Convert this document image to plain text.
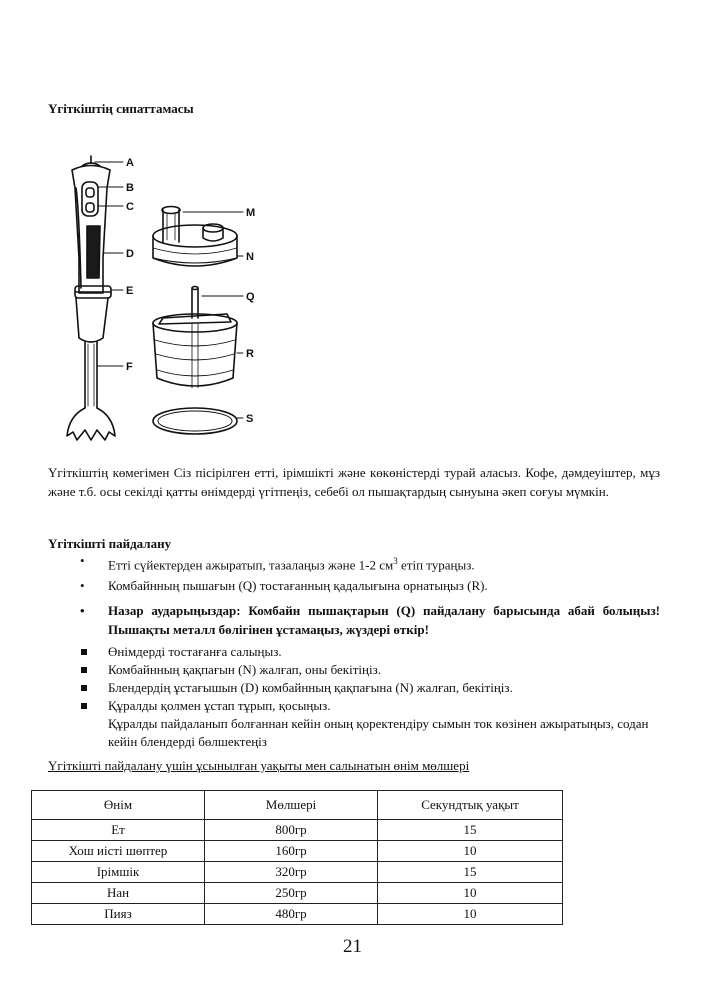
Үгіткіштің сипаттамасы
A
B
C
D
E
F
M
N
Q
R
S

Үгіткіштің көмегімен Сіз пісірілген етті, ірімшікті және көкөністерді турай аласыз. Кофе, дәмдеуіштер, мұз және т.б. осы секілді қатты өнімдерді үгітпеңіз, себебі ол пышақтардың сынуына әкеп соғуы мүмкін.

Үгіткішті пайдалану
• Етті сүйектерден ажыратып, тазалаңыз және 1-2 $см^3$ етіп тураңыз.
• Комбайнның пышағын (Q) тостағанның қадалығына орнатыңыз (R).
• Назар аударыңыздар: Комбайн пышақтарын (Q) пайдалану барысында абай болыңыз! Пышақты металл бөлігінен ұстамаңыз, жүздері өткір!
Өнімдерді тостағанға салыңыз.
Комбайнның қақпағын (N) жалғап, оны бекітіңіз.
Блендердің ұстағышын (D) комбайнның қақпағына (N) жалғап, бекітіңіз.
Құралды қолмен ұстап тұрып, қосыңыз.
Құралды пайдаланып болғаннан кейін оның қоректендіру сымын ток көзінен ажыратыңыз, содан кейін блендерді бөлшектеңіз
Үгіткішті пайдалану үшін ұсынылған уақыты мен салынатын өнім мөлшері
Өнім	Мөлшері	Секундтық уақыт
Ет	800гр	15
Хош иісті шөптер	160гр	10
Ірімшік	320гр	15
Нан	250гр	10
Пияз	480гр	10
21
